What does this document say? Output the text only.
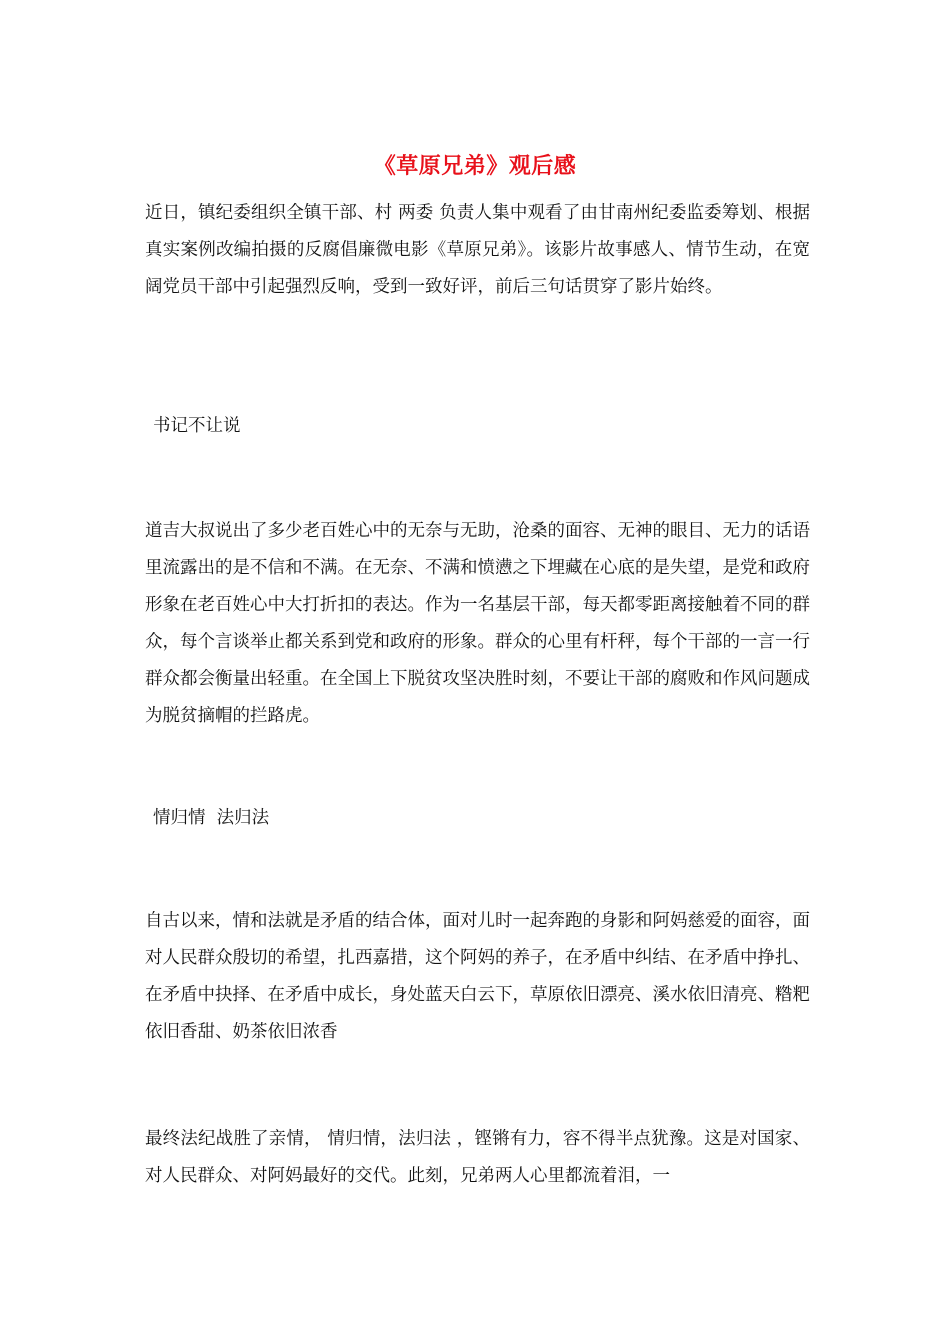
《草原兄弟》观后感

近日，镇纪委组织全镇干部、村 两委 负责人集中观看了由甘南州纪委监委筹划、根据真实案例改编拍摄的反腐倡廉微电影《草原兄弟》。该影片故事感人、情节生动，在宽阔党员干部中引起强烈反响，受到一致好评，前后三句话贯穿了影片始终。

书记不让说

道吉大叔说出了多少老百姓心中的无奈与无助，沧桑的面容、无神的眼目、无力的话语里流露出的是不信和不满。在无奈、不满和愤懑之下埋藏在心底的是失望，是党和政府形象在老百姓心中大打折扣的表达。作为一名基层干部，每天都零距离接触着不同的群众，每个言谈举止都关系到党和政府的形象。群众的心里有杆秤，每个干部的一言一行群众都会衡量出轻重。在全国上下脱贫攻坚决胜时刻，不要让干部的腐败和作风问题成为脱贫摘帽的拦路虎。

情归情  法归法

自古以来，情和法就是矛盾的结合体，面对儿时一起奔跑的身影和阿妈慈爱的面容，面对人民群众殷切的希望，扎西嘉措，这个阿妈的养子，在矛盾中纠结、在矛盾中挣扎、在矛盾中抉择、在矛盾中成长，身处蓝天白云下，草原依旧漂亮、溪水依旧清亮、糌粑依旧香甜、奶茶依旧浓香

最终法纪战胜了亲情， 情归情，法归法 ，铿锵有力，容不得半点犹豫。这是对国家、对人民群众、对阿妈最好的交代。此刻，兄弟两人心里都流着泪，一
